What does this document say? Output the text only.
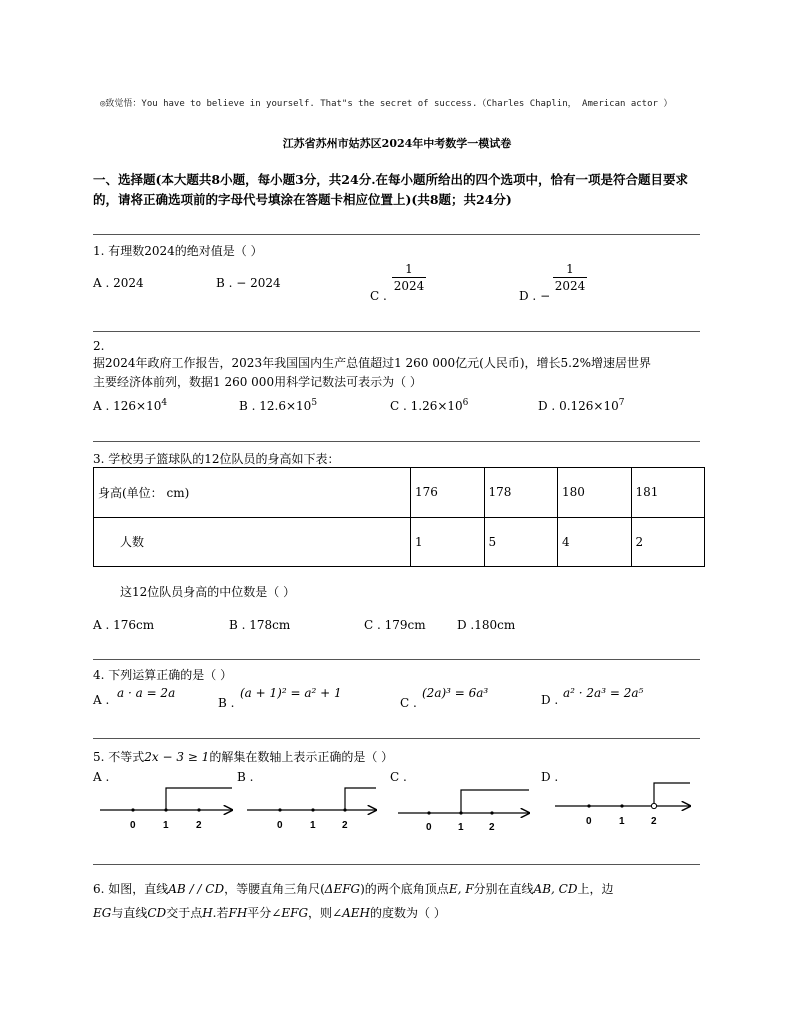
◎致觉悟：You have to believe in yourself. That"s the secret of success.（Charles Chaplin， American actor ）
江苏省苏州市姑苏区2024年中考数学一模试卷
一、选择题(本大题共8小题，每小题3分，共24分.在每小题所给出的四个选项中，恰有一项是符合题目要求的，请将正确选项前的字母代号填涂在答题卡相应位置上)(共8题；共24分)
1. 有理数2024的绝对值是（ ）
A . 2024	B . − 2024
C .
1
2024
D . −
1
2024
2.
据2024年政府工作报告，2023年我国国内生产总值超过1 260 000亿元(人民币)，增长5.2%增速居世界
主要经济体前列，数据1 260 000用科学记数法可表示为（ ）
A . $126\times 10^4$	B . $12.6\times 10^5$	C . $1.26\times 10^6$	D . $0.126\times 10^7$
3. 学校男子篮球队的12位队员的身高如下表：
身高(单位： cm)	176	178	180	181
人数	1	5	4	2
这12位队员身高的中位数是（ ）
A . 176cm	B . 178cm	C . 179cm	D .180cm
4. 下列运算正确的是（ ）
A . a · a = 2a
B .
(a + 1)² = a² + 1
C .
(2a)³ = 6a³	D . a² · 2a³ = 2a⁵
5. 不等式2x − 3 ≥ 1的解集在数轴上表示正确的是（ ）
A .	B .	C .	D .
0	1	2	0	1	2	0	1	2
0	1	2
6. 如图，直线AB / / CD，等腰直角三角尺(ΔEFG)的两个底角顶点E, F分别在直线AB, CD上，边
EG与直线CD交于点H.若FH平分∠EFG，则∠AEH的度数为（ ）
